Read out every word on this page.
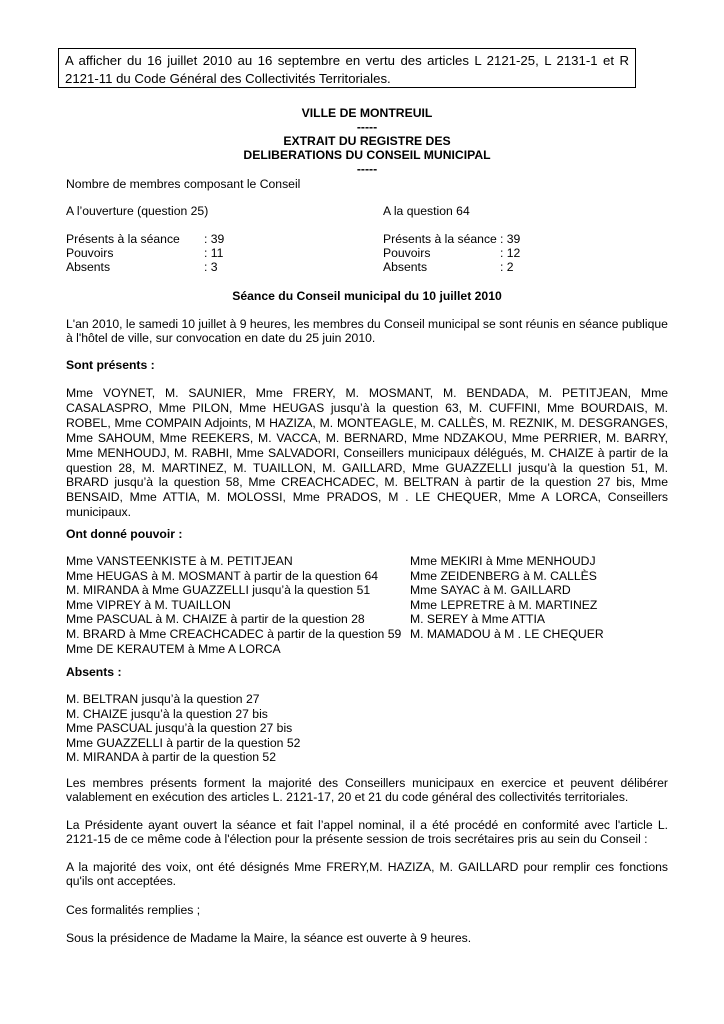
A afficher du 16 juillet 2010 au 16 septembre en vertu des articles L 2121-25, L 2131-1 et R 2121-11 du Code Général des Collectivités Territoriales.
VILLE DE MONTREUIL
-----
EXTRAIT DU REGISTRE DES
DELIBERATIONS DU CONSEIL MUNICIPAL
-----
Nombre de membres composant le Conseil
A l’ouverture (question 25)	A la question 64
Présents à la séance	: 39
Pouvoirs	: 11
Absents	: 3
Présents à la séance : 39
Pouvoirs	: 12
Absents	: 2
Séance du Conseil municipal du 10 juillet 2010
L'an 2010, le samedi 10 juillet à 9 heures, les membres du Conseil municipal se sont réunis en séance publique à l'hôtel de ville, sur convocation en date du 25 juin 2010.
Sont présents :
Mme VOYNET, M. SAUNIER, Mme FRERY, M. MOSMANT, M. BENDADA, M. PETITJEAN, Mme CASALASPRO, Mme PILON, Mme HEUGAS jusqu’à la question 63, M. CUFFINI, Mme BOURDAIS, M. ROBEL, Mme COMPAIN Adjoints, M HAZIZA, M. MONTEAGLE, M. CALLÈS, M. REZNIK, M. DESGRANGES, Mme SAHOUM, Mme REEKERS, M. VACCA, M. BERNARD, Mme NDZAKOU, Mme PERRIER, M. BARRY, Mme MENHOUDJ, M. RABHI, Mme SALVADORI, Conseillers municipaux délégués, M. CHAIZE à partir de la question 28, M. MARTINEZ, M. TUAILLON, M. GAILLARD, Mme GUAZZELLI jusqu’à la question 51, M. BRARD jusqu’à la question 58, Mme CREACHCADEC, M. BELTRAN à partir de la question 27 bis, Mme BENSAID, Mme ATTIA, M. MOLOSSI, Mme PRADOS, M . LE CHEQUER, Mme A LORCA, Conseillers municipaux.
Ont donné pouvoir :
Mme VANSTEENKISTE à M. PETITJEAN
Mme HEUGAS à M. MOSMANT à partir de la question 64
M. MIRANDA à Mme GUAZZELLI jusqu’à la question 51
Mme VIPREY à M. TUAILLON
Mme PASCUAL à M. CHAIZE à partir de la question 28
M. BRARD à Mme CREACHCADEC à partir de la question 59
Mme DE KERAUTEM à Mme A LORCA
Mme MEKIRI à Mme MENHOUDJ
Mme ZEIDENBERG à M. CALLÈS
Mme SAYAC à M. GAILLARD
Mme LEPRETRE à M. MARTINEZ
M. SEREY à Mme ATTIA
M. MAMADOU à M . LE CHEQUER
Absents :
M. BELTRAN jusqu’à la question 27
M. CHAIZE jusqu’à la question 27 bis
Mme PASCUAL jusqu’à la question 27 bis
Mme GUAZZELLI à partir de la question 52
M. MIRANDA à partir de la question 52
Les membres présents forment la majorité des Conseillers municipaux en exercice et peuvent délibérer valablement en exécution des articles L. 2121-17, 20 et 21 du code général des collectivités territoriales.
La Présidente ayant ouvert la séance et fait l’appel nominal, il a été procédé en conformité avec l'article L. 2121-15 de ce même code à l'élection pour la présente session de trois secrétaires pris au sein du Conseil :
A la majorité des voix, ont été désignés Mme FRERY,M. HAZIZA, M. GAILLARD pour remplir ces fonctions qu'ils ont acceptées.
Ces formalités remplies ;
Sous la présidence de Madame la Maire, la séance est ouverte à 9 heures.
